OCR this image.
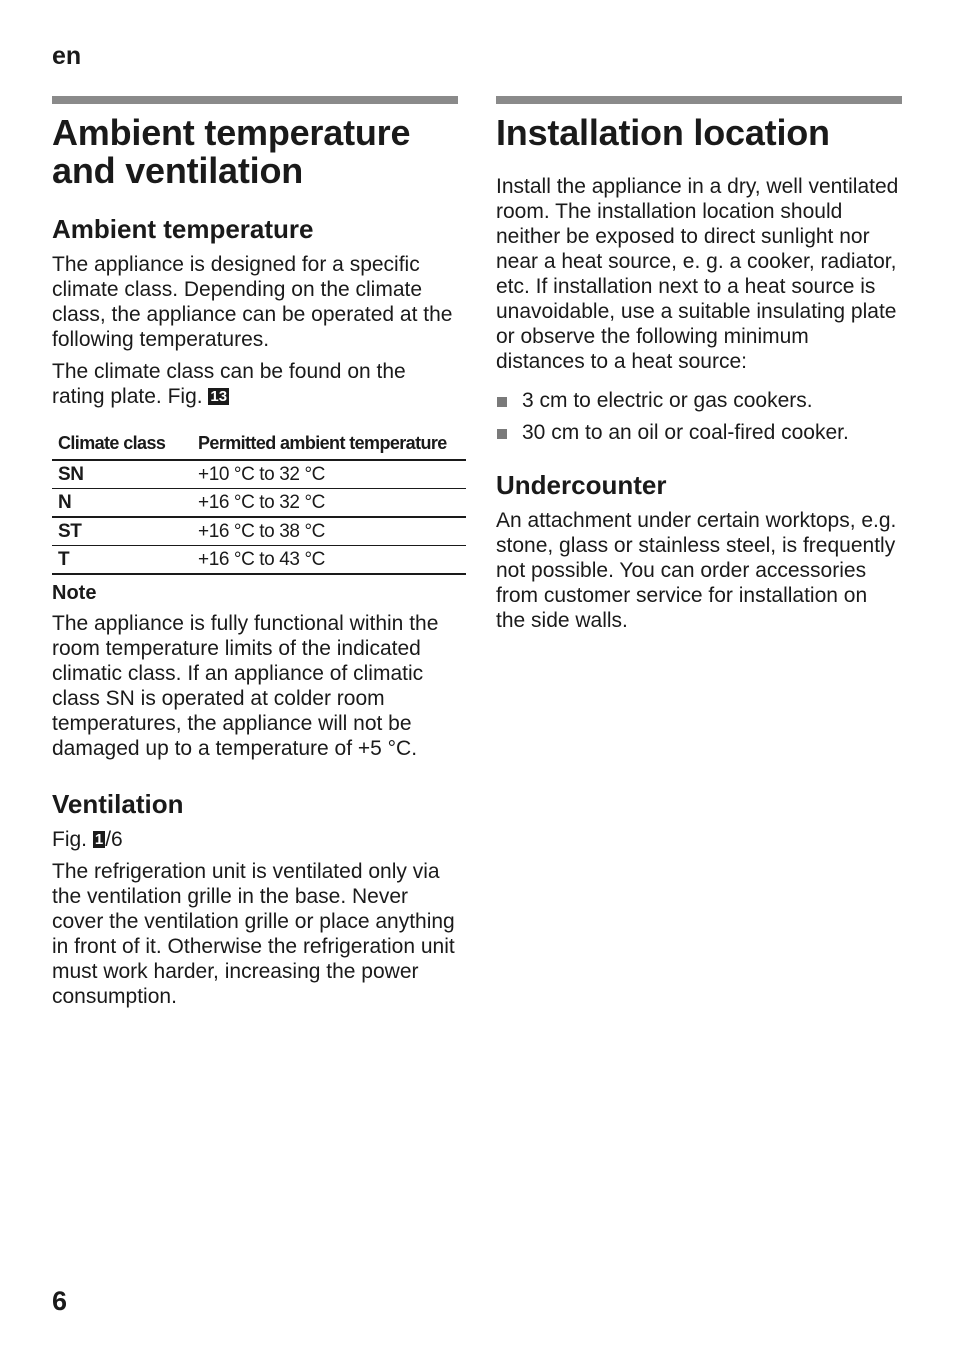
en
Ambient temperature and ventilation
Ambient temperature

The appliance is designed for a specific climate class. Depending on the climate class, the appliance can be operated at the following temperatures.

The climate class can be found on the rating plate. Fig. 13

Climate class	Permitted ambient temperature
SN	+10 °C to 32 °C
N	+16 °C to 32 °C
ST	+16 °C to 38 °C
T	+16 °C to 43 °C
Note

The appliance is fully functional within the room temperature limits of the indicated climatic class. If an appliance of climatic class SN is operated at colder room temperatures, the appliance will not be damaged up to a temperature of +5 °C.

Ventilation

Fig. 1/6

The refrigeration unit is ventilated only via the ventilation grille in the base. Never cover the ventilation grille or place anything in front of it. Otherwise the refrigeration unit must work harder, increasing the power consumption.

Installation location

Install the appliance in a dry, well ventilated room. The installation location should neither be exposed to direct sunlight nor near a heat source, e. g. a cooker, radiator, etc. If installation next to a heat source is unavoidable, use a suitable insulating plate or observe the following minimum distances to a heat source:

3 cm to electric or gas cookers.
30 cm to an oil or coal-fired cooker.
Undercounter

An attachment under certain worktops, e.g. stone, glass or stainless steel, is frequently not possible. You can order accessories from customer service for installation on the side walls.

6
